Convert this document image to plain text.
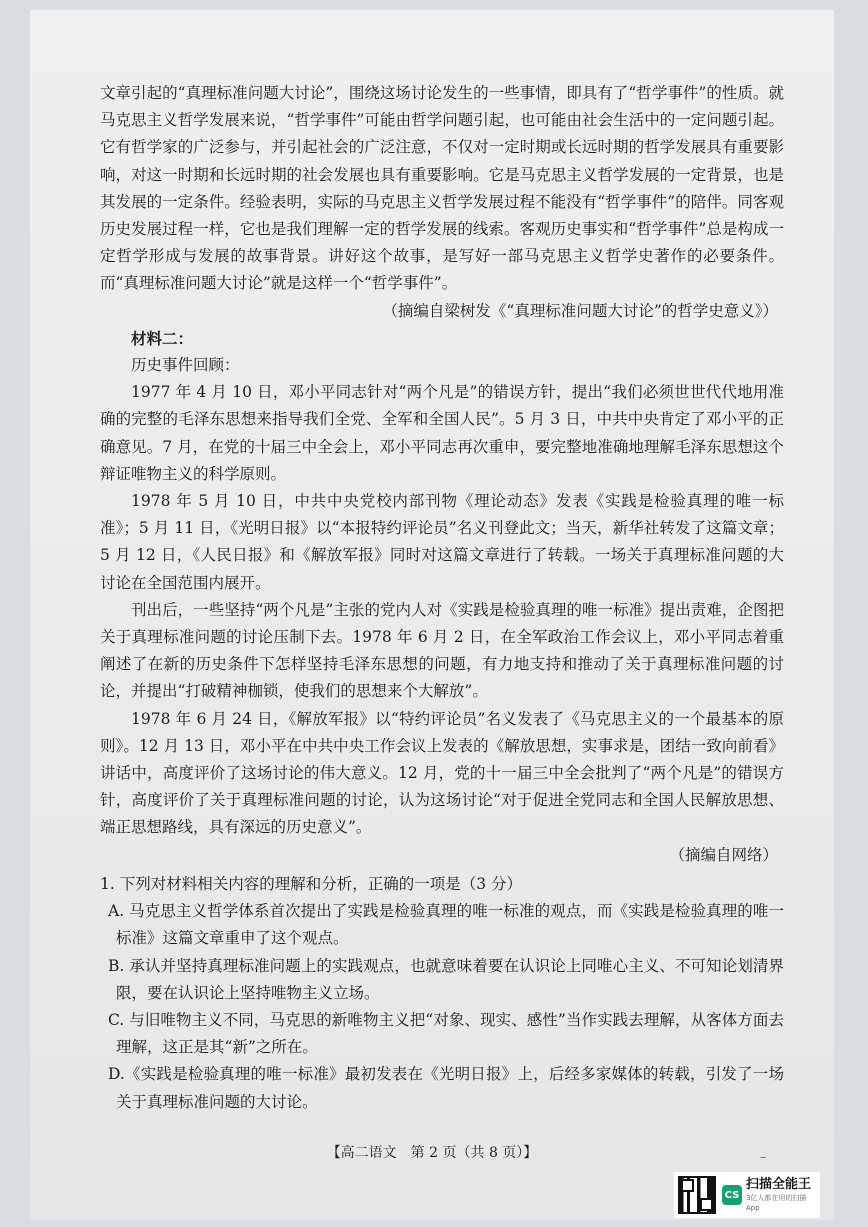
文章引起的“真理标准问题大讨论”，围绕这场讨论发生的一些事情，即具有了“哲学事件”的性质。就马克思主义哲学发展来说，“哲学事件”可能由哲学问题引起，也可能由社会生活中的一定问题引起。它有哲学家的广泛参与，并引起社会的广泛注意，不仅对一定时期或长远时期的哲学发展具有重要影响，对这一时期和长远时期的社会发展也具有重要影响。它是马克思主义哲学发展的一定背景，也是其发展的一定条件。经验表明，实际的马克思主义哲学发展过程不能没有“哲学事件”的陪伴。同客观历史发展过程一样，它也是我们理解一定的哲学发展的线索。客观历史事实和“哲学事件”总是构成一定哲学形成与发展的故事背景。讲好这个故事，是写好一部马克思主义哲学史著作的必要条件。而“真理标准问题大讨论”就是这样一个“哲学事件”。

（摘编自梁树发《“真理标准问题大讨论”的哲学史意义》）

材料二：

历史事件回顾：

1977 年 4 月 10 日，邓小平同志针对“两个凡是”的错误方针，提出“我们必须世世代代地用准确的完整的毛泽东思想来指导我们全党、全军和全国人民”。5 月 3 日，中共中央肯定了邓小平的正确意见。7 月，在党的十届三中全会上，邓小平同志再次重申，要完整地准确地理解毛泽东思想这个辩证唯物主义的科学原则。

1978 年 5 月 10 日，中共中央党校内部刊物《理论动态》发表《实践是检验真理的唯一标准》；5 月 11 日，《光明日报》以“本报特约评论员”名义刊登此文；当天，新华社转发了这篇文章；5 月 12 日，《人民日报》和《解放军报》同时对这篇文章进行了转载。一场关于真理标准问题的大讨论在全国范围内展开。

刊出后，一些坚持“两个凡是”主张的党内人对《实践是检验真理的唯一标准》提出责难，企图把关于真理标准问题的讨论压制下去。1978 年 6 月 2 日，在全军政治工作会议上，邓小平同志着重阐述了在新的历史条件下怎样坚持毛泽东思想的问题，有力地支持和推动了关于真理标准问题的讨论，并提出“打破精神枷锁，使我们的思想来个大解放”。

1978 年 6 月 24 日，《解放军报》以“特约评论员”名义发表了《马克思主义的一个最基本的原则》。12 月 13 日，邓小平在中共中央工作会议上发表的《解放思想，实事求是，团结一致向前看》讲话中，高度评价了这场讨论的伟大意义。12 月，党的十一届三中全会批判了“两个凡是”的错误方针，高度评价了关于真理标准问题的讨论，认为这场讨论“对于促进全党同志和全国人民解放思想、端正思想路线，具有深远的历史意义”。

（摘编自网络）

1. 下列对材料相关内容的理解和分析，正确的一项是（3 分）

A. 马克思主义哲学体系首次提出了实践是检验真理的唯一标准的观点，而《实践是检验真理的唯一标准》这篇文章重申了这个观点。

B. 承认并坚持真理标准问题上的实践观点，也就意味着要在认识论上同唯心主义、不可知论划清界限，要在认识论上坚持唯物主义立场。

C. 与旧唯物主义不同，马克思的新唯物主义把“对象、现实、感性”当作实践去理解，从客体方面去理解，这正是其“新”之所在。

D.《实践是检验真理的唯一标准》最初发表在《光明日报》上，后经多家媒体的转载，引发了一场关于真理标准问题的大讨论。

【高二语文　第 2 页（共 8 页）】	–
CS
扫描全能王
3亿人都在用的扫描App
